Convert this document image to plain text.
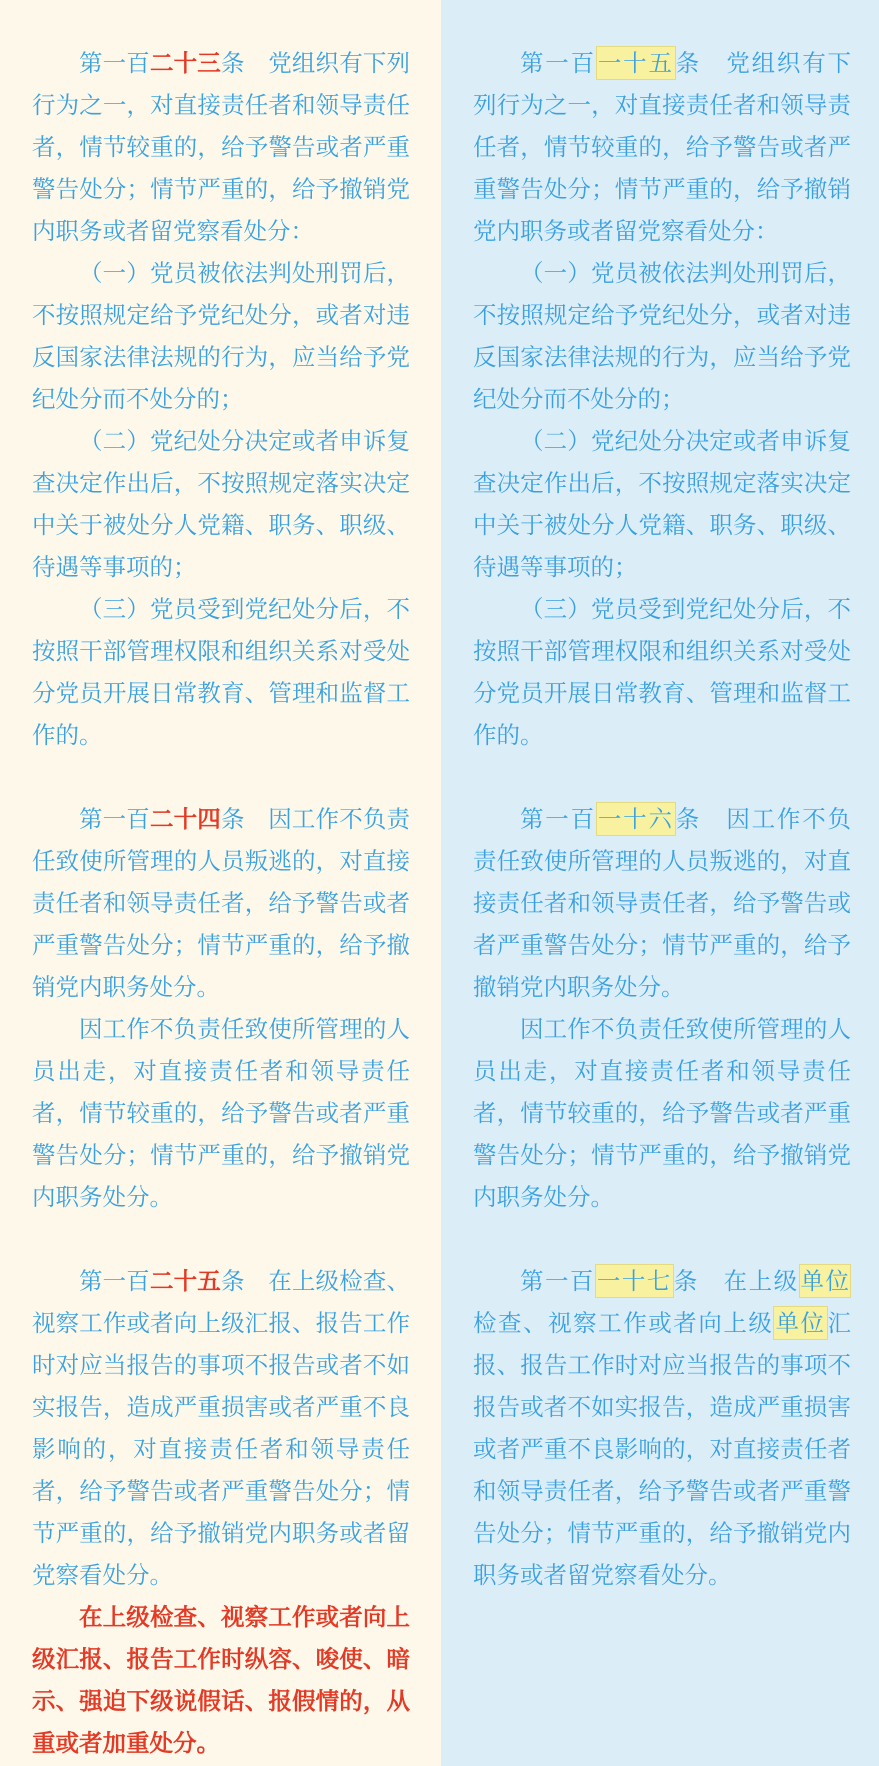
第一百二十三条　党组织有下列行为之一，对直接责任者和领导责任者，情节较重的，给予警告或者严重警告处分；情节严重的，给予撤销党内职务或者留党察看处分：

（一）党员被依法判处刑罚后，不按照规定给予党纪处分，或者对违反国家法律法规的行为，应当给予党纪处分而不处分的；

（二）党纪处分决定或者申诉复查决定作出后，不按照规定落实决定中关于被处分人党籍、职务、职级、待遇等事项的；

（三）党员受到党纪处分后，不按照干部管理权限和组织关系对受处分党员开展日常教育、管理和监督工作的。

第一百二十四条　因工作不负责任致使所管理的人员叛逃的，对直接责任者和领导责任者，给予警告或者严重警告处分；情节严重的，给予撤销党内职务处分。

因工作不负责任致使所管理的人员出走，对直接责任者和领导责任者，情节较重的，给予警告或者严重警告处分；情节严重的，给予撤销党内职务处分。

第一百二十五条　在上级检查、视察工作或者向上级汇报、报告工作时对应当报告的事项不报告或者不如实报告，造成严重损害或者严重不良影响的，对直接责任者和领导责任者，给予警告或者严重警告处分；情节严重的，给予撤销党内职务或者留党察看处分。

在上级检查、视察工作或者向上级汇报、报告工作时纵容、唆使、暗示、强迫下级说假话、报假情的，从重或者加重处分。

第一百一十五条　党组织有下列行为之一，对直接责任者和领导责任者，情节较重的，给予警告或者严重警告处分；情节严重的，给予撤销党内职务或者留党察看处分：

（一）党员被依法判处刑罚后，不按照规定给予党纪处分，或者对违反国家法律法规的行为，应当给予党纪处分而不处分的；

（二）党纪处分决定或者申诉复查决定作出后，不按照规定落实决定中关于被处分人党籍、职务、职级、待遇等事项的；

（三）党员受到党纪处分后，不按照干部管理权限和组织关系对受处分党员开展日常教育、管理和监督工作的。

第一百一十六条　因工作不负责任致使所管理的人员叛逃的，对直接责任者和领导责任者，给予警告或者严重警告处分；情节严重的，给予撤销党内职务处分。

因工作不负责任致使所管理的人员出走，对直接责任者和领导责任者，情节较重的，给予警告或者严重警告处分；情节严重的，给予撤销党内职务处分。

第一百一十七条　在上级单位检查、视察工作或者向上级单位汇报、报告工作时对应当报告的事项不报告或者不如实报告，造成严重损害或者严重不良影响的，对直接责任者和领导责任者，给予警告或者严重警告处分；情节严重的，给予撤销党内职务或者留党察看处分。
